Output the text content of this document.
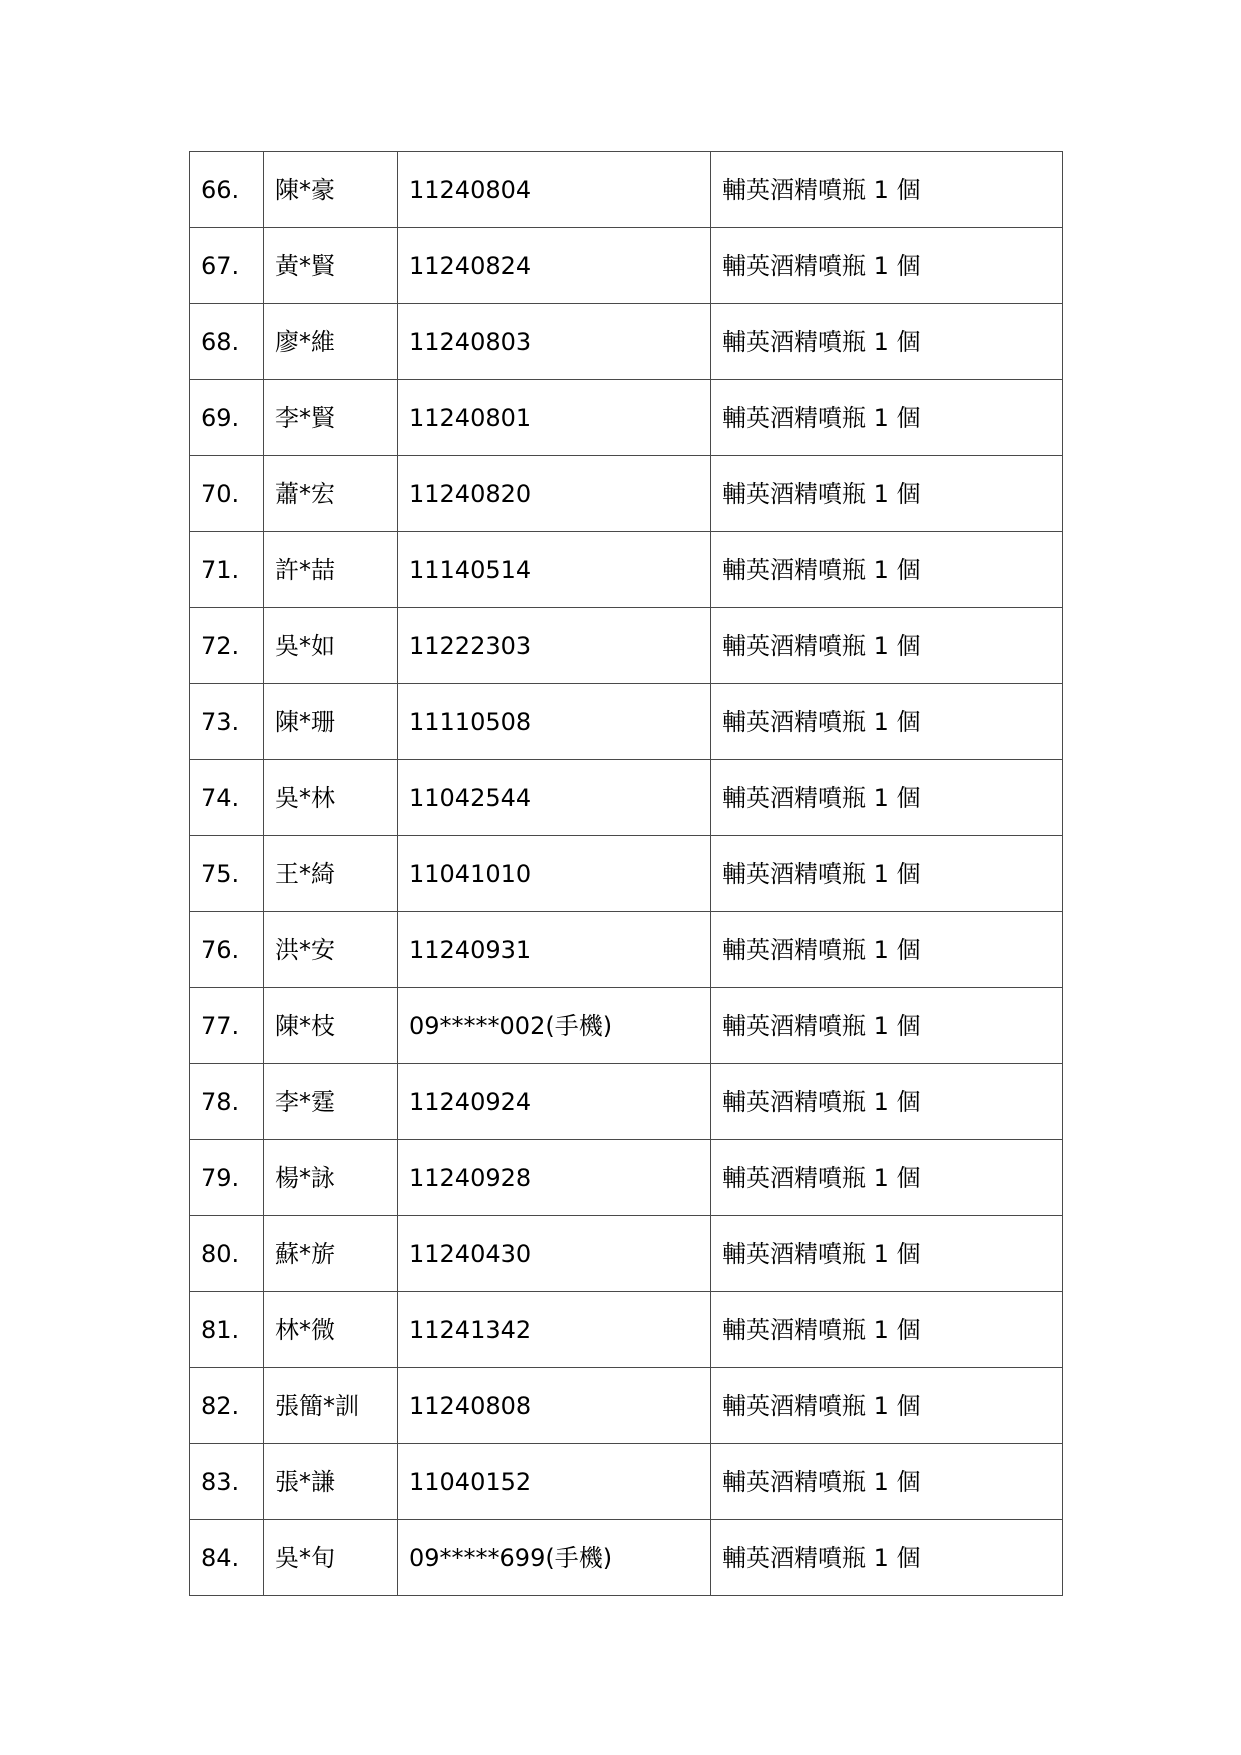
66.	陳*豪	11240804	輔英酒精噴瓶 1 個
67.	黃*賢	11240824	輔英酒精噴瓶 1 個
68.	廖*維	11240803	輔英酒精噴瓶 1 個
69.	李*賢	11240801	輔英酒精噴瓶 1 個
70.	蕭*宏	11240820	輔英酒精噴瓶 1 個
71.	許*喆	11140514	輔英酒精噴瓶 1 個
72.	吳*如	11222303	輔英酒精噴瓶 1 個
73.	陳*珊	11110508	輔英酒精噴瓶 1 個
74.	吳*林	11042544	輔英酒精噴瓶 1 個
75.	王*綺	11041010	輔英酒精噴瓶 1 個
76.	洪*安	11240931	輔英酒精噴瓶 1 個
77.	陳*枝	09*****002(手機)	輔英酒精噴瓶 1 個
78.	李*霆	11240924	輔英酒精噴瓶 1 個
79.	楊*詠	11240928	輔英酒精噴瓶 1 個
80.	蘇*旂	11240430	輔英酒精噴瓶 1 個
81.	林*微	11241342	輔英酒精噴瓶 1 個
82.	張簡*訓	11240808	輔英酒精噴瓶 1 個
83.	張*謙	11040152	輔英酒精噴瓶 1 個
84.	吳*旬	09*****699(手機)	輔英酒精噴瓶 1 個
